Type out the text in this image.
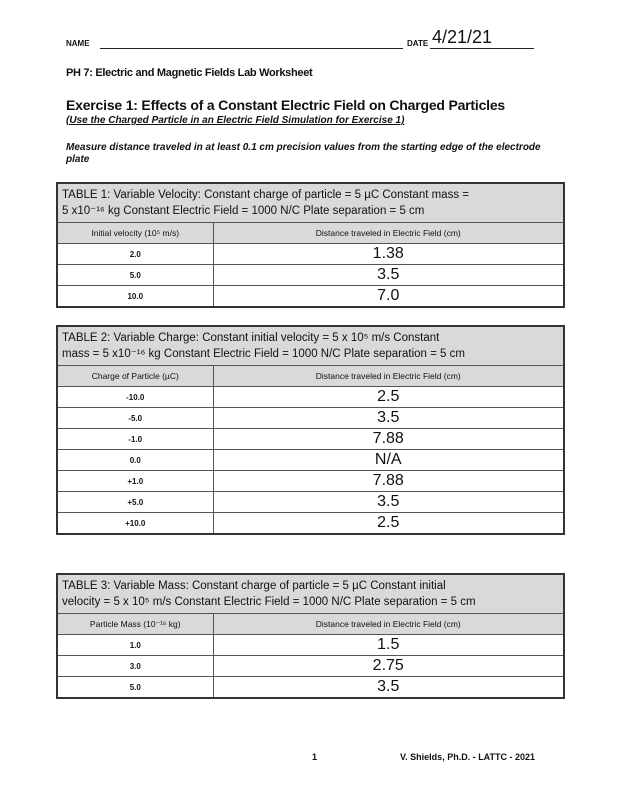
NAME	DATE 4/21/21
PH 7: Electric and Magnetic Fields Lab Worksheet
Exercise 1: Effects of a Constant Electric Field on Charged Particles
(Use the Charged Particle in an Electric Field Simulation for Exercise 1)
Measure distance traveled in at least 0.1 cm precision values from the starting edge of the electrode plate
TABLE 1: Variable Velocity: Constant charge of particle = 5 µC Constant mass =
5 x10⁻¹⁶ kg Constant Electric Field = 1000 N/C Plate separation = 5 cm	

Initial velocity (10⁵ m/s)	Distance traveled in Electric Field (cm)
2.0	1.38
5.0	3.5
10.0	7.0
TABLE 2: Variable Charge: Constant initial velocity = 5 x 10⁵ m/s Constant
mass = 5 x10⁻¹⁶ kg Constant Electric Field = 1000 N/C Plate separation = 5 cm	

Charge of Particle (µC)	Distance traveled in Electric Field (cm)
-10.0	2.5
-5.0	3.5
-1.0	7.88
0.0	N/A
+1.0	7.88
+5.0	3.5
+10.0	2.5
TABLE 3: Variable Mass: Constant charge of particle = 5 µC Constant initial
velocity = 5 x 10⁵ m/s Constant Electric Field = 1000 N/C Plate separation = 5 cm	

Particle Mass (10⁻¹⁶ kg)	Distance traveled in Electric Field (cm)
1.0	1.5
3.0	2.75
5.0	3.5
1	V. Shields, Ph.D. - LATTC - 2021
